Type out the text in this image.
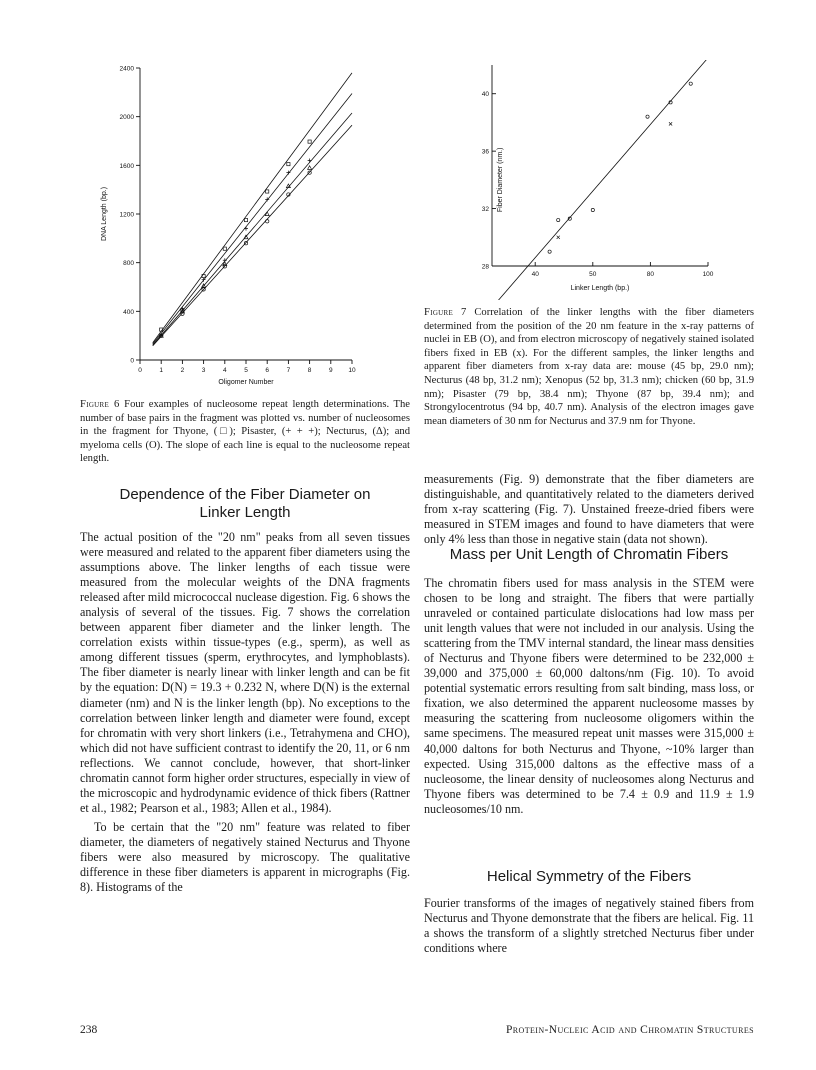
0
400
800
1200
1600
2000
2400
0	1	2	3	4	5	6	7	8	9 10
Oligomer Number
DNA Length (bp.)
28
32
36
40
40	50	80	100
Linker Length (bp.)
Fiber Diameter (nm.)

Figure 6 Four examples of nucleosome repeat length determinations. The number of base pairs in the fragment was plotted vs. number of nucleosomes in the fragment for Thyone, (□); Pisaster, (+ + +); Necturus, (Δ); and myeloma cells (O). The slope of each line is equal to the nucleosome repeat length.

Dependence of the Fiber Diameter on
Linker Length

The actual position of the "20 nm" peaks from all seven tissues were measured and related to the apparent fiber diameters using the assumptions above. The linker lengths of each tissue were measured from the molecular weights of the DNA fragments released after mild micrococcal nuclease digestion. Fig. 6 shows the analysis of several of the tissues. Fig. 7 shows the correlation between apparent fiber diameter and the linker length. The correlation exists within tissue-types (e.g., sperm), as well as among different tissues (sperm, erythrocytes, and lymphoblasts). The fiber diameter is nearly linear with linker length and can be fit by the equation: D(N) = 19.3 + 0.232 N, where D(N) is the external diameter (nm) and N is the linker length (bp). No exceptions to the correlation between linker length and diameter were found, except for chromatin with very short linkers (i.e., Tetrahymena and CHO), which did not have sufficient contrast to identify the 20, 11, or 6 nm reflections. We cannot conclude, however, that short-linker chromatin cannot form higher order structures, especially in view of the microscopic and hydrodynamic evidence of thick fibers (Rattner et al., 1982; Pearson et al., 1983; Allen et al., 1984).

To be certain that the "20 nm" feature was related to fiber diameter, the diameters of negatively stained Necturus and Thyone fibers were also measured by microscopy. The qualitative difference in these fiber diameters is apparent in micrographs (Fig. 8). Histograms of the

Figure 7 Correlation of the linker lengths with the fiber diameters determined from the position of the 20 nm feature in the x-ray patterns of nuclei in EB (O), and from electron microscopy of negatively stained isolated fibers fixed in EB (x). For the different samples, the linker lengths and apparent fiber diameters from x-ray data are: mouse (45 bp, 29.0 nm); Necturus (48 bp, 31.2 nm); Xenopus (52 bp, 31.3 nm); chicken (60 bp, 31.9 nm); Pisaster (79 bp, 38.4 nm); Thyone (87 bp, 39.4 nm); and Strongylocentrotus (94 bp, 40.7 nm). Analysis of the electron images gave mean diameters of 30 nm for Necturus and 37.9 nm for Thyone.

measurements (Fig. 9) demonstrate that the fiber diameters are distinguishable, and quantitatively related to the diameters derived from x-ray scattering (Fig. 7). Unstained freeze-dried fibers were measured in STEM images and found to have diameters that were only 4% less than those in negative stain (data not shown).

Mass per Unit Length of Chromatin Fibers

The chromatin fibers used for mass analysis in the STEM were chosen to be long and straight. The fibers that were partially unraveled or contained particulate dislocations had low mass per unit length values that were not included in our analysis. Using the scattering from the TMV internal standard, the linear mass densities of Necturus and Thyone fibers were determined to be 232,000 ± 39,000 and 375,000 ± 60,000 daltons/nm (Fig. 10). To avoid potential systematic errors resulting from salt binding, mass loss, or fixation, we also determined the apparent nucleosome masses by measuring the scattering from nucleosome oligomers within the same specimens. The measured repeat unit masses were 315,000 ± 40,000 daltons for both Necturus and Thyone, ~10% larger than expected. Using 315,000 daltons as the effective mass of a nucleosome, the linear density of nucleosomes along Necturus and Thyone fibers was determined to be 7.4 ± 0.9 and 11.9 ± 1.9 nucleosomes/10 nm.

Helical Symmetry of the Fibers

Fourier transforms of the images of negatively stained fibers from Necturus and Thyone demonstrate that the fibers are helical. Fig. 11 a shows the transform of a slightly stretched Necturus fiber under conditions where

238	Protein-Nucleic Acid and Chromatin Structures
